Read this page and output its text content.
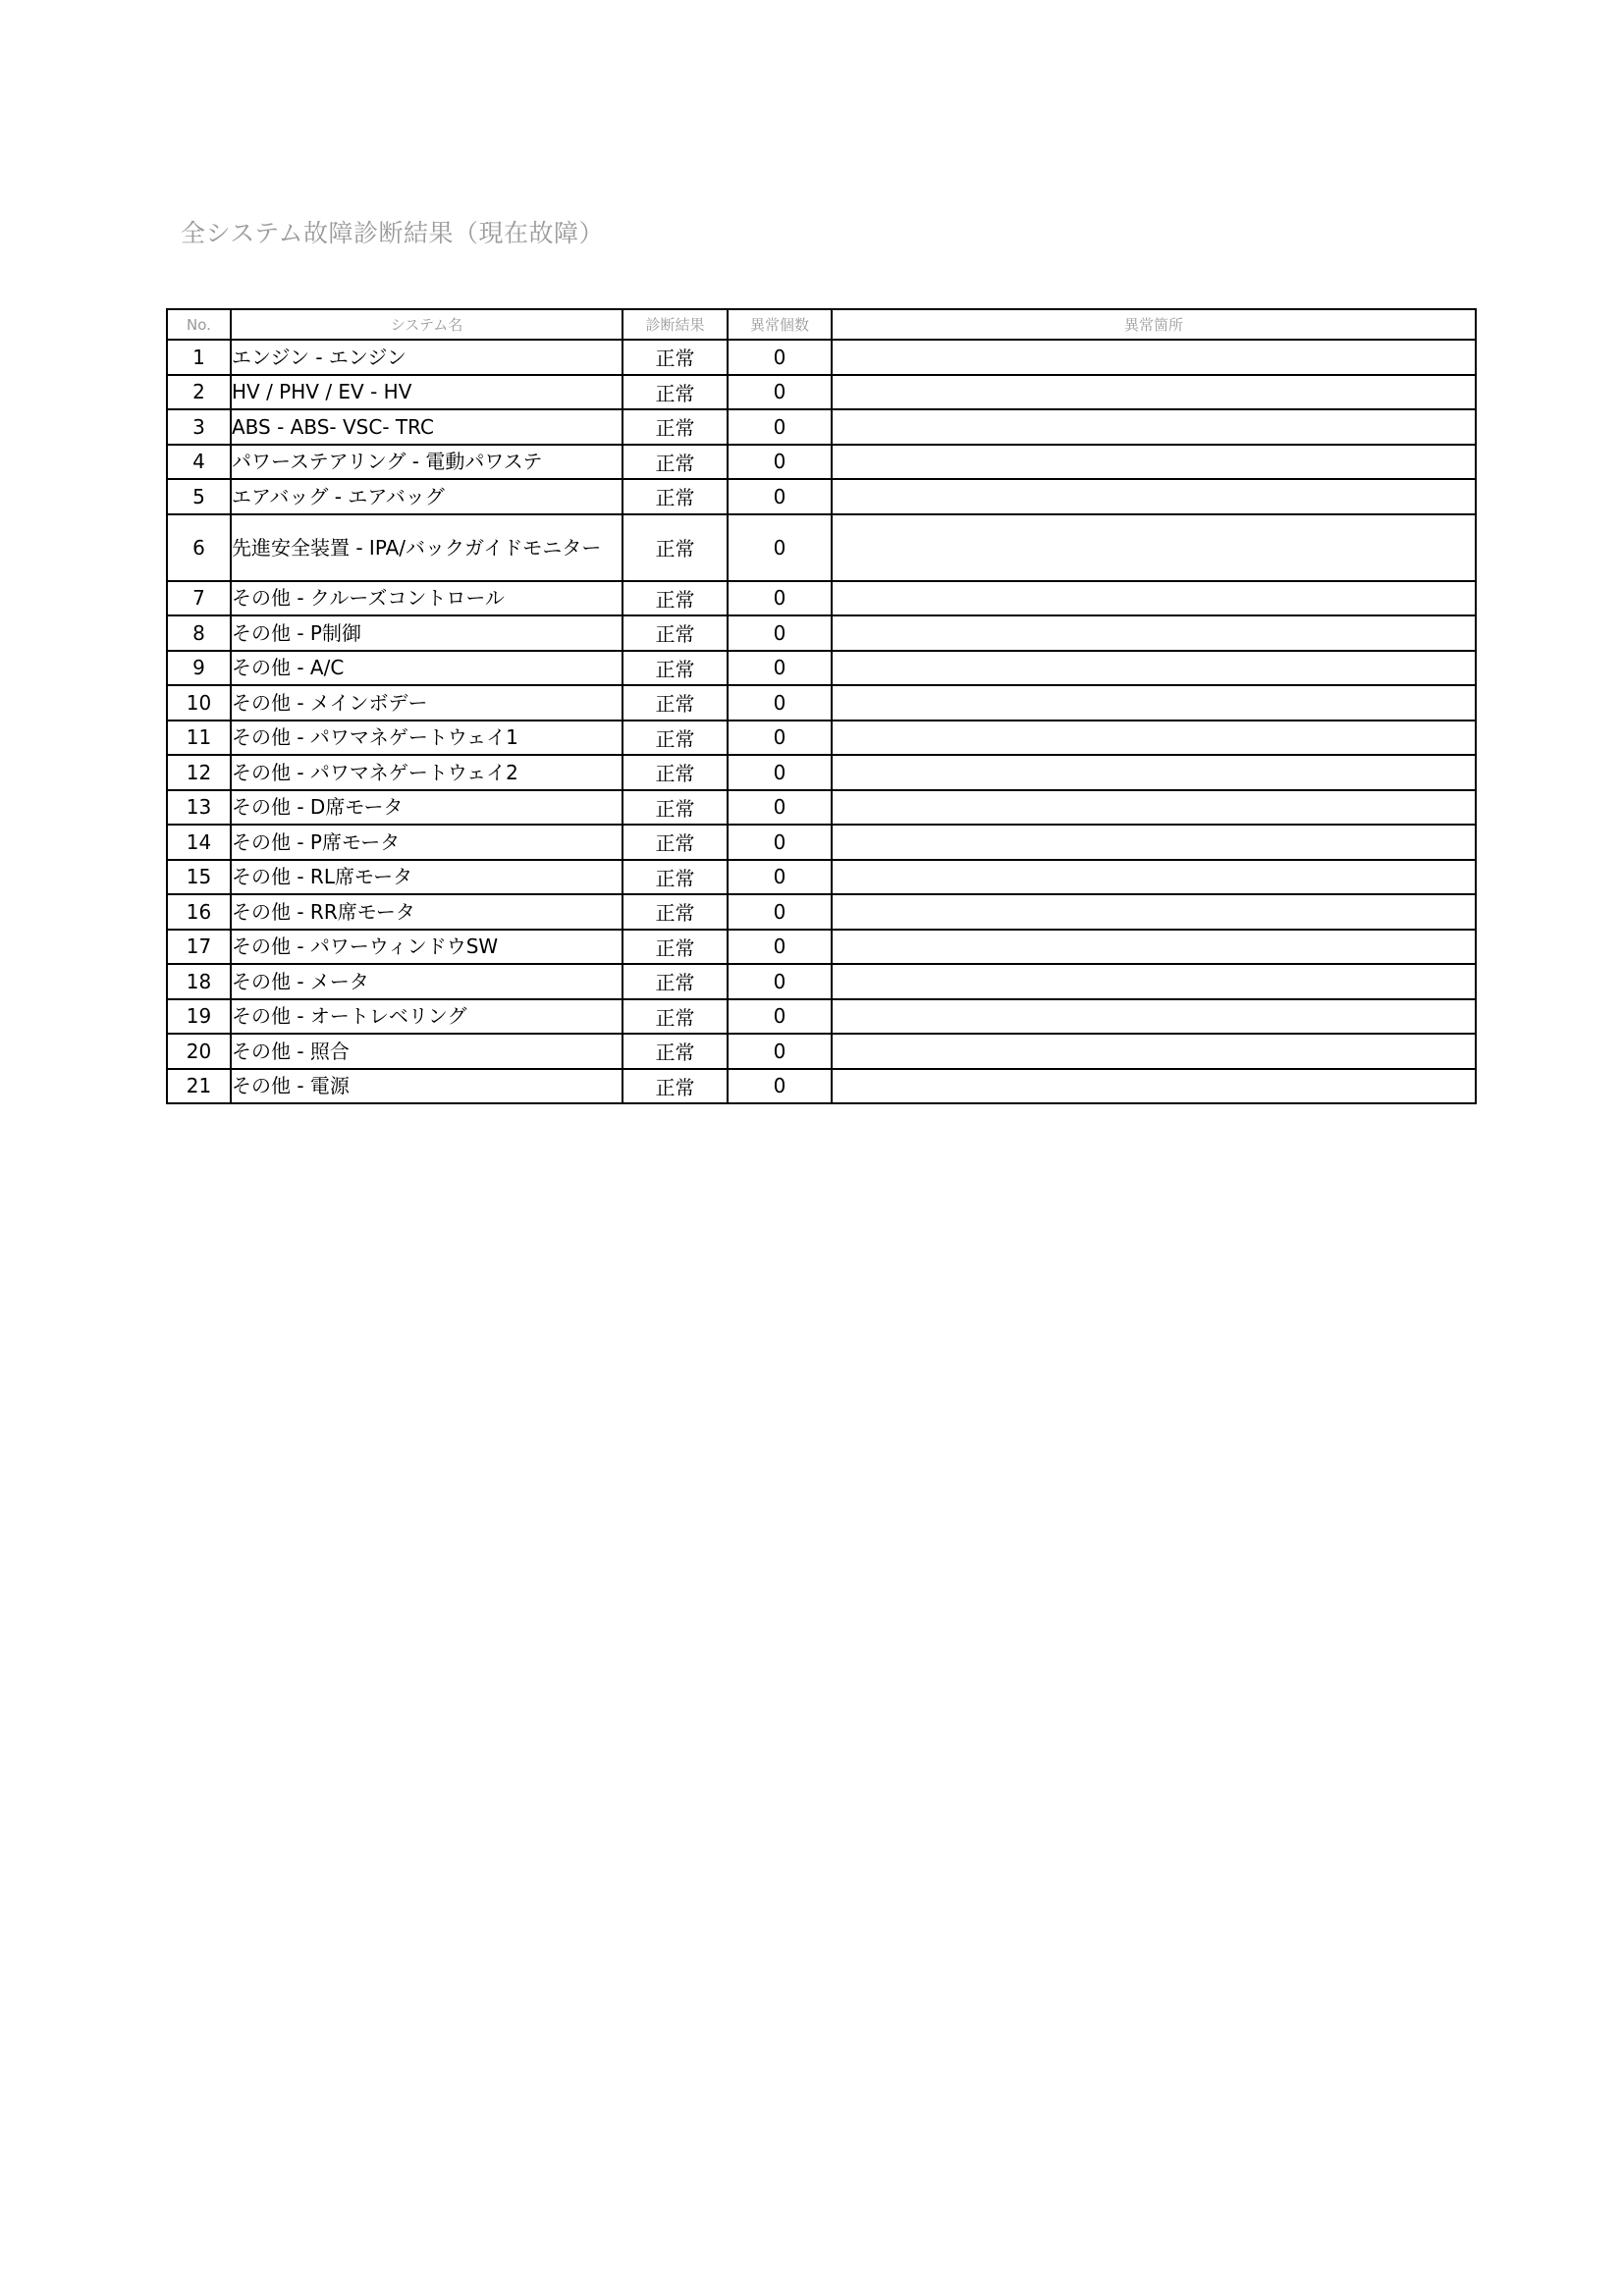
全システム故障診断結果（現在故障）
No.	システム名	診断結果	異常個数	異常箇所
1	エンジン - エンジン	正常	0	
2	HV / PHV / EV - HV	正常	0	
3	ABS - ABS- VSC- TRC	正常	0	
4	パワーステアリング - 電動パワステ	正常	0	
5	エアバッグ - エアバッグ	正常	0	
6	先進安全装置 - IPA/バックガイドモニター	正常	0	
7	その他 - クルーズコントロール	正常	0	
8	その他 - P制御	正常	0	
9	その他 - A/C	正常	0	
10	その他 - メインボデー	正常	0	
11	その他 - パワマネゲートウェイ1	正常	0	
12	その他 - パワマネゲートウェイ2	正常	0	
13	その他 - D席モータ	正常	0	
14	その他 - P席モータ	正常	0	
15	その他 - RL席モータ	正常	0	
16	その他 - RR席モータ	正常	0	
17	その他 - パワーウィンドウSW	正常	0	
18	その他 - メータ	正常	0	
19	その他 - オートレベリング	正常	0	
20	その他 - 照合	正常	0	
21	その他 - 電源	正常	0	
